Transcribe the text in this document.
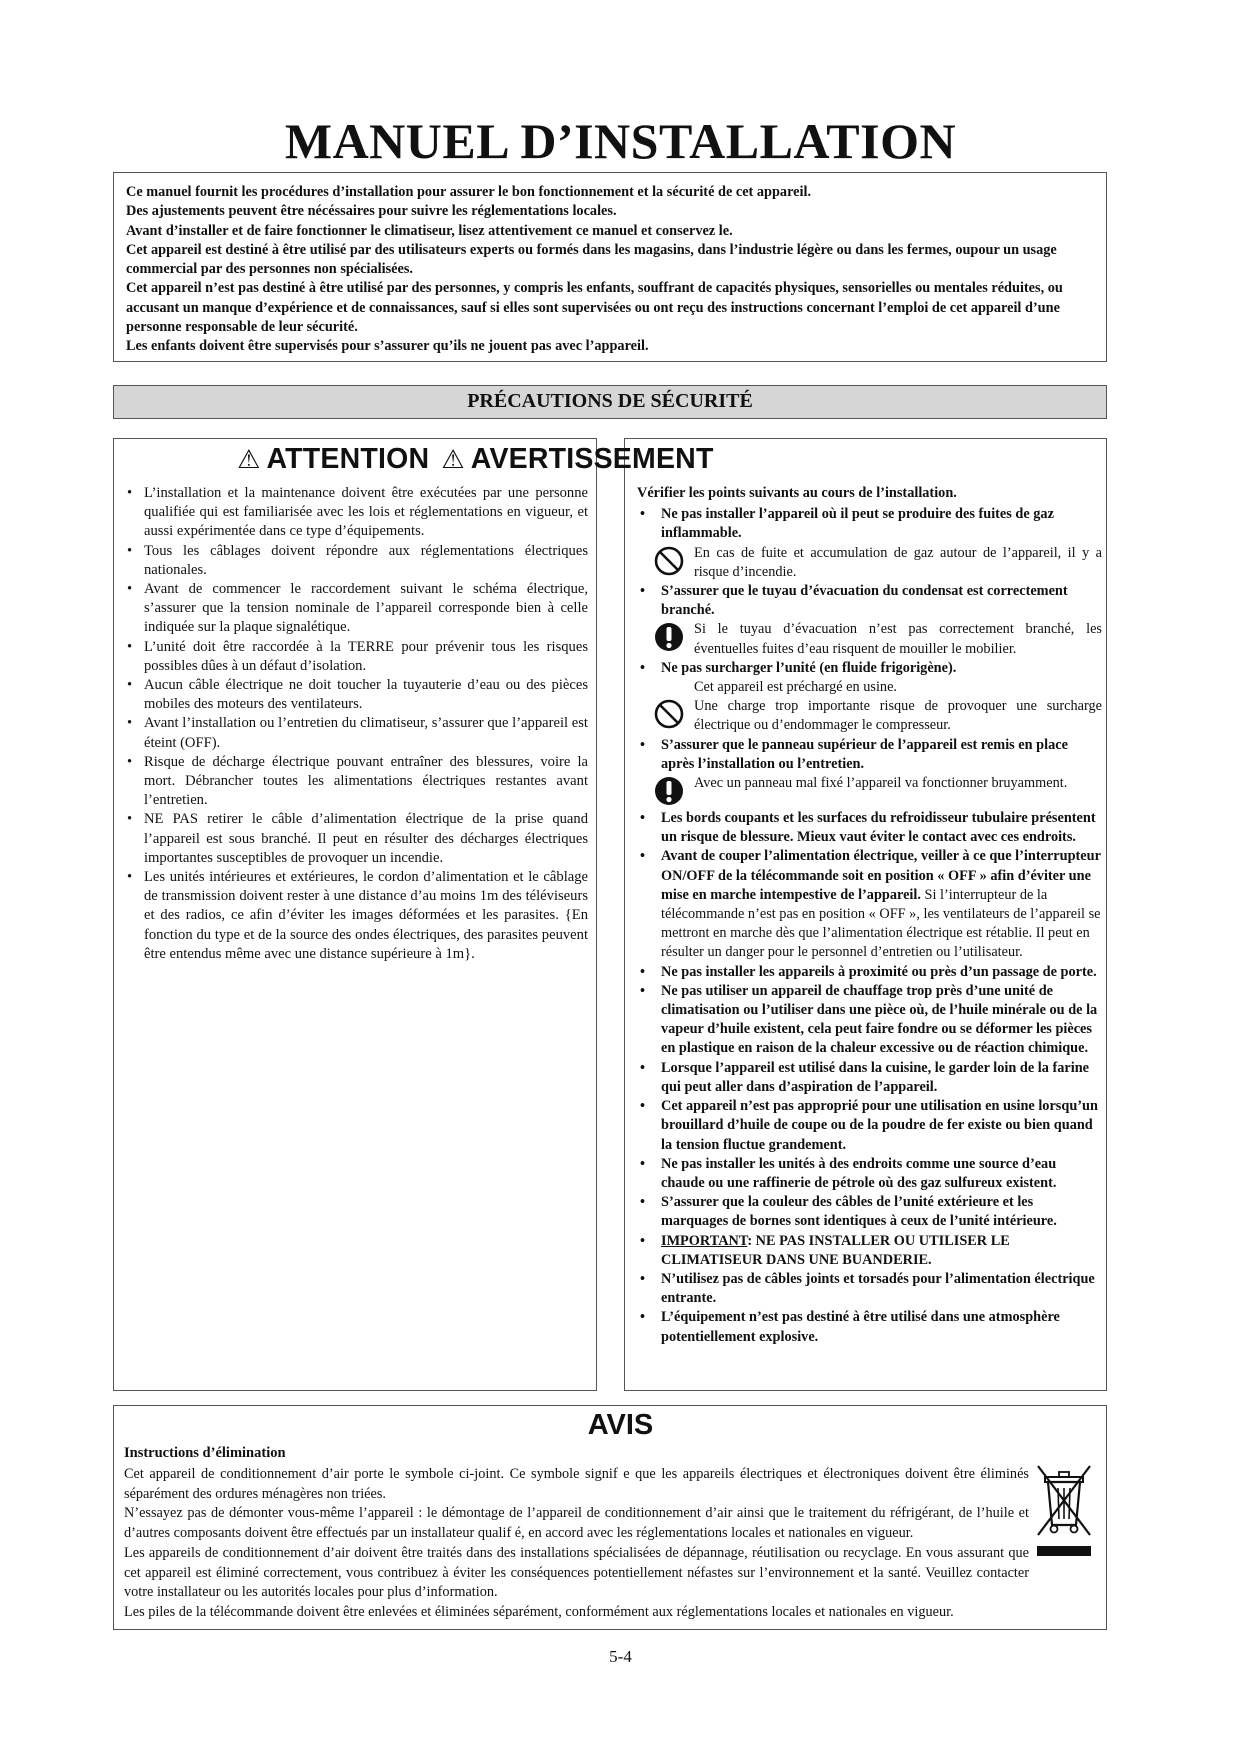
MANUEL D’INSTALLATION

Ce manuel fournit les procédures d’installation pour assurer le bon fonctionnement et la sécurité de cet appareil.

Des ajustements peuvent être nécéssaires pour suivre les réglementations locales.

Avant d’installer et de faire fonctionner le climatiseur, lisez attentivement ce manuel et conservez le.

Cet appareil est destiné à être utilisé par des utilisateurs experts ou formés dans les magasins, dans l’industrie légère ou dans les fermes, oupour un usage commercial par des personnes non spécialisées.

Cet appareil n’est pas destiné à être utilisé par des personnes, y compris les enfants, souffrant de capacités physiques, sensorielles ou mentales réduites, ou accusant un manque d’expérience et de connaissances, sauf si elles sont supervisées ou ont reçu des instructions concernant l’emploi de cet appareil d’une personne responsable de leur sécurité.

Les enfants doivent être supervisés pour s’assurer qu’ils ne jouent pas avec l’appareil.

PRÉCAUTIONS DE SÉCURITÉ
⚠ ATTENTION ⚠ AVERTISSEMENT
• L’installation et la maintenance doivent être exécutées par une personne qualifiée qui est familiarisée avec les lois et réglementations en vigueur, et aussi expérimentée dans ce type d’équipements.
• Tous les câblages doivent répondre aux réglementations électriques nationales.
• Avant de commencer le raccordement suivant le schéma électrique, s’assurer que la tension nominale de l’appareil corresponde bien à celle indiquée sur la plaque signalétique.
• L’unité doit être raccordée à la TERRE pour prévenir tous les risques possibles dûes à un défaut d’isolation.
• Aucun câble électrique ne doit toucher la tuyauterie d’eau ou des pièces mobiles des moteurs des ventilateurs.
• Avant l’installation ou l’entretien du climatiseur, s’assurer que l’appareil est éteint (OFF).
• Risque de décharge électrique pouvant entraîner des blessures, voire la mort. Débrancher toutes les alimentations électriques restantes avant l’entretien.
• NE PAS retirer le câble d’alimentation électrique de la prise quand l’appareil est sous branché. Il peut en résulter des décharges électriques importantes susceptibles de provoquer un incendie.
• Les unités intérieures et extérieures, le cordon d’alimentation et le câblage de transmission doivent rester à une distance d’au moins 1m des téléviseurs et des radios, ce afin d’éviter les images déformées et les parasites. {En fonction du type et de la source des ondes électriques, des parasites peuvent être entendus même avec une distance supérieure à 1m}.

Vérifier les points suivants au cours de l’installation.

• Ne pas installer l’appareil où il peut se produire des fuites de gaz inflammable.
En cas de fuite et accumulation de gaz autour de l’appareil, il y a risque d’incendie.
• S’assurer que le tuyau d’évacuation du condensat est correctement branché.
Si le tuyau d’évacuation n’est pas correctement branché, les éventuelles fuites d’eau risquent de mouiller le mobilier.
• Ne pas surcharger l’unité (en fluide frigorigène).
Cet appareil est préchargé en usine.
Une charge trop importante risque de provoquer une surcharge électrique ou d’endommager le compresseur.
• S’assurer que le panneau supérieur de l’appareil est remis en place après l’installation ou l’entretien.
Avec un panneau mal fixé l’appareil va fonctionner bruyamment.
• Les bords coupants et les surfaces du refroidisseur tubulaire présentent un risque de blessure. Mieux vaut éviter le contact avec ces endroits.
• Avant de couper l’alimentation électrique, veiller à ce que l’interrupteur ON/OFF de la télécommande soit en position « OFF » afin d’éviter une mise en marche intempestive de l’appareil. Si l’interrupteur de la télécommande n’est pas en position « OFF », les ventilateurs de l’appareil se mettront en marche dès que l’alimentation électrique est rétablie. Il peut en résulter un danger pour le personnel d’entretien ou l’utilisateur.
• Ne pas installer les appareils à proximité ou près d’un passage de porte.
• Ne pas utiliser un appareil de chauffage trop près d’une unité de climatisation ou l’utiliser dans une pièce où, de l’huile minérale ou de la vapeur d’huile existent, cela peut faire fondre ou se déformer les pièces en plastique en raison de la chaleur excessive ou de réaction chimique.
• Lorsque l’appareil est utilisé dans la cuisine, le garder loin de la farine qui peut aller dans d’aspiration de l’appareil.
• Cet appareil n’est pas approprié pour une utilisation en usine lorsqu’un brouillard d’huile de coupe ou de la poudre de fer existe ou bien quand la tension fluctue grandement.
• Ne pas installer les unités à des endroits comme une source d’eau chaude ou une raffinerie de pétrole où des gaz sulfureux existent.
• S’assurer que la couleur des câbles de l’unité extérieure et les marquages de bornes sont identiques à ceux de l’unité intérieure.
• IMPORTANT: NE PAS INSTALLER OU UTILISER LE CLIMATISEUR DANS UNE BUANDERIE.
• N’utilisez pas de câbles joints et torsadés pour l’alimentation électrique entrante.
• L’équipement n’est pas destiné à être utilisé dans une atmosphère potentiellement explosive.
AVIS
Instructions d’élimination

Cet appareil de conditionnement d’air porte le symbole ci-joint. Ce symbole signif e que les appareils électriques et électroniques doivent être éliminés séparément des ordures ménagères non triées.

N’essayez pas de démonter vous-même l’appareil : le démontage de l’appareil de conditionnement d’air ainsi que le traitement du réfrigérant, de l’huile et d’autres composants doivent être effectués par un installateur qualif é, en accord avec les réglementations locales et nationales en vigueur.

Les appareils de conditionnement d’air doivent être traités dans des installations spécialisées de dépannage, réutilisation ou recyclage. En vous assurant que cet appareil est éliminé correctement, vous contribuez à éviter les conséquences potentiellement néfastes sur l’environnement et la santé. Veuillez contacter votre installateur ou les autorités locales pour plus d’information.

Les piles de la télécommande doivent être enlevées et éliminées séparément, conformément aux réglementations locales et nationales en vigueur.

5-4
